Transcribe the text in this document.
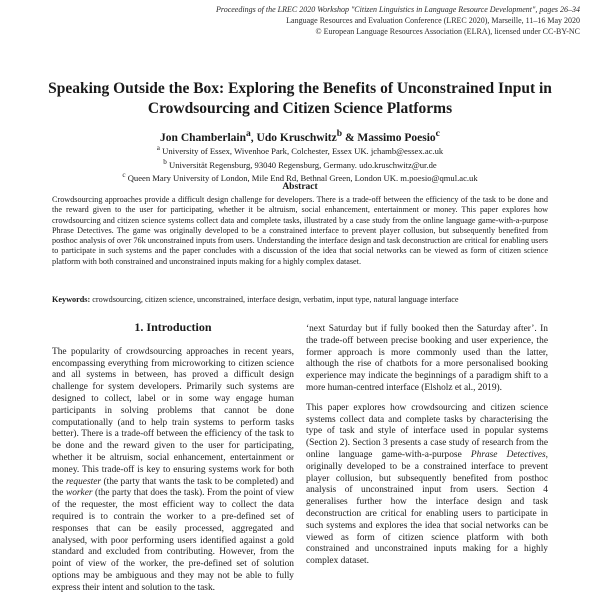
Proceedings of the LREC 2020 Workshop "Citizen Linguistics in Language Resource Development", pages 26–34
Language Resources and Evaluation Conference (LREC 2020), Marseille, 11–16 May 2020
© European Language Resources Association (ELRA), licensed under CC-BY-NC
Speaking Outside the Box: Exploring the Benefits of Unconstrained Input in
Crowdsourcing and Citizen Science Platforms
Jon Chamberlain$^a$, Udo Kruschwitz$^b$ & Massimo Poesio$^c$
$^a$ University of Essex, Wivenhoe Park, Colchester, Essex UK. jchamb@essex.ac.uk
$^b$ Universität Regensburg, 93040 Regensburg, Germany. udo.kruschwitz@ur.de
$^c$ Queen Mary University of London, Mile End Rd, Bethnal Green, London UK. m.poesio@qmul.ac.uk
Abstract
Crowdsourcing approaches provide a difficult design challenge for developers. There is a trade-off between the efficiency of the task to be done and the reward given to the user for participating, whether it be altruism, social enhancement, entertainment or money. This paper explores how crowdsourcing and citizen science systems collect data and complete tasks, illustrated by a case study from the online language game-with-a-purpose Phrase Detectives. The game was originally developed to be a constrained interface to prevent player collusion, but subsequently benefited from posthoc analysis of over 76k unconstrained inputs from users. Understanding the interface design and task deconstruction are critical for enabling users to participate in such systems and the paper concludes with a discussion of the idea that social networks can be viewed as form of citizen science platform with both constrained and unconstrained inputs making for a highly complex dataset.
Keywords: crowdsourcing, citizen science, unconstrained, interface design, verbatim, input type, natural language interface
1. Introduction

The popularity of crowdsourcing approaches in recent years, encompassing everything from microworking to citizen science and all systems in between, has proved a difficult design challenge for system developers. Primarily such systems are designed to collect, label or in some way engage human participants in solving problems that cannot be done computationally (and to help train systems to perform tasks better). There is a trade-off between the efficiency of the task to be done and the reward given to the user for participating, whether it be altruism, social enhancement, entertainment or money. This trade-off is key to ensuring systems work for both the requester (the party that wants the task to be completed) and the worker (the party that does the task). From the point of view of the requester, the most efficient way to collect the data required is to contrain the worker to a pre-defined set of responses that can be easily processed, aggregated and analysed, with poor performing users identified against a gold standard and excluded from contributing. However, from the point of view of the worker, the pre-defined set of solution options may be ambiguous and they may not be able to fully express their intent and solution to the task.

‘next Saturday but if fully booked then the Saturday after’. In the trade-off between precise booking and user experience, the former approach is more commonly used than the latter, although the rise of chatbots for a more personalised booking experience may indicate the beginnings of a paradigm shift to a more human-centred interface (Elsholz et al., 2019).

This paper explores how crowdsourcing and citizen science systems collect data and complete tasks by characterising the type of task and style of interface used in popular systems (Section 2). Section 3 presents a case study of research from the online language game-with-a-purpose Phrase Detectives, originally developed to be a constrained interface to prevent player collusion, but subsequently benefited from posthoc analysis of unconstrained input from users. Section 4 generalises further how the interface design and task deconstruction are critical for enabling users to participate in such systems and explores the idea that social networks can be viewed as form of citizen science platform with both constrained and unconstrained inputs making for a highly complex dataset.
